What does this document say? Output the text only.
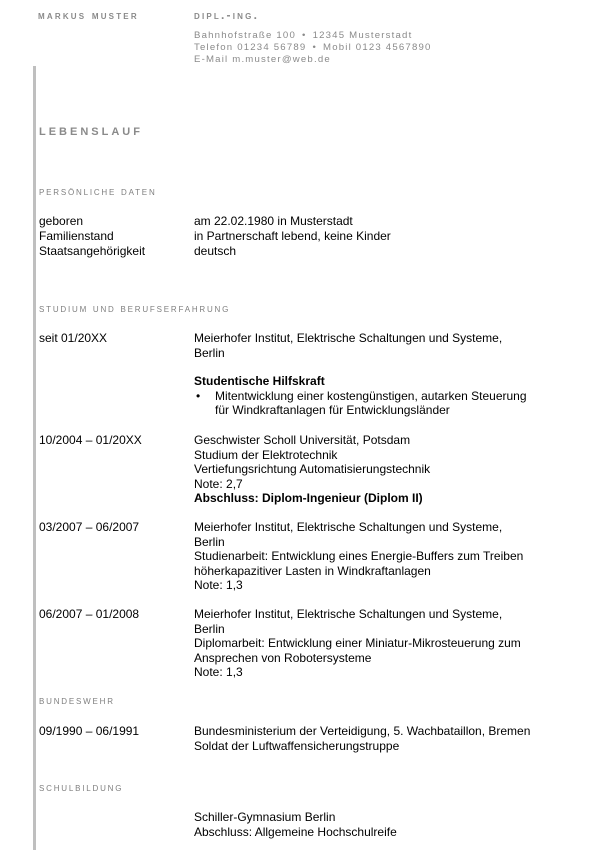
markus muster	dipl.-ing.
Bahnhofstraße 100 • 12345 Musterstadt
Telefon 01234 56789 • Mobil 0123 4567890
E-Mail m.muster@web.de
lebenslauf
persönliche daten
geboren	am 22.02.1980 in Musterstadt
Familienstand	in Partnerschaft lebend, keine Kinder
Staatsangehörigkeit	deutsch
studium und berufserfahrung
seit 01/20XX	Meierhofer Institut, Elektrische Schaltungen und Systeme,
Berlin
Studentische Hilfskraft
•	Mitentwicklung einer kostengünstigen, autarken Steuerung
für Windkraftanlagen für Entwicklungsländer
10/2004 – 01/20XX	Geschwister Scholl Universität, Potsdam
Studium der Elektrotechnik
Vertiefungsrichtung Automatisierungstechnik
Note: 2,7
Abschluss: Diplom-Ingenieur (Diplom II)
03/2007 – 06/2007	Meierhofer Institut, Elektrische Schaltungen und Systeme,
Berlin
Studienarbeit: Entwicklung eines Energie-Buffers zum Treiben
höherkapazitiver Lasten in Windkraftanlagen
Note: 1,3
06/2007 – 01/2008	Meierhofer Institut, Elektrische Schaltungen und Systeme,
Berlin
Diplomarbeit: Entwicklung einer Miniatur-Mikrosteuerung zum
Ansprechen von Robotersysteme
Note: 1,3
bundeswehr
09/1990 – 06/1991	Bundesministerium der Verteidigung, 5. Wachbataillon, Bremen
Soldat der Luftwaffensicherungstruppe
schulbildung
Schiller-Gymnasium Berlin
Abschluss: Allgemeine Hochschulreife
